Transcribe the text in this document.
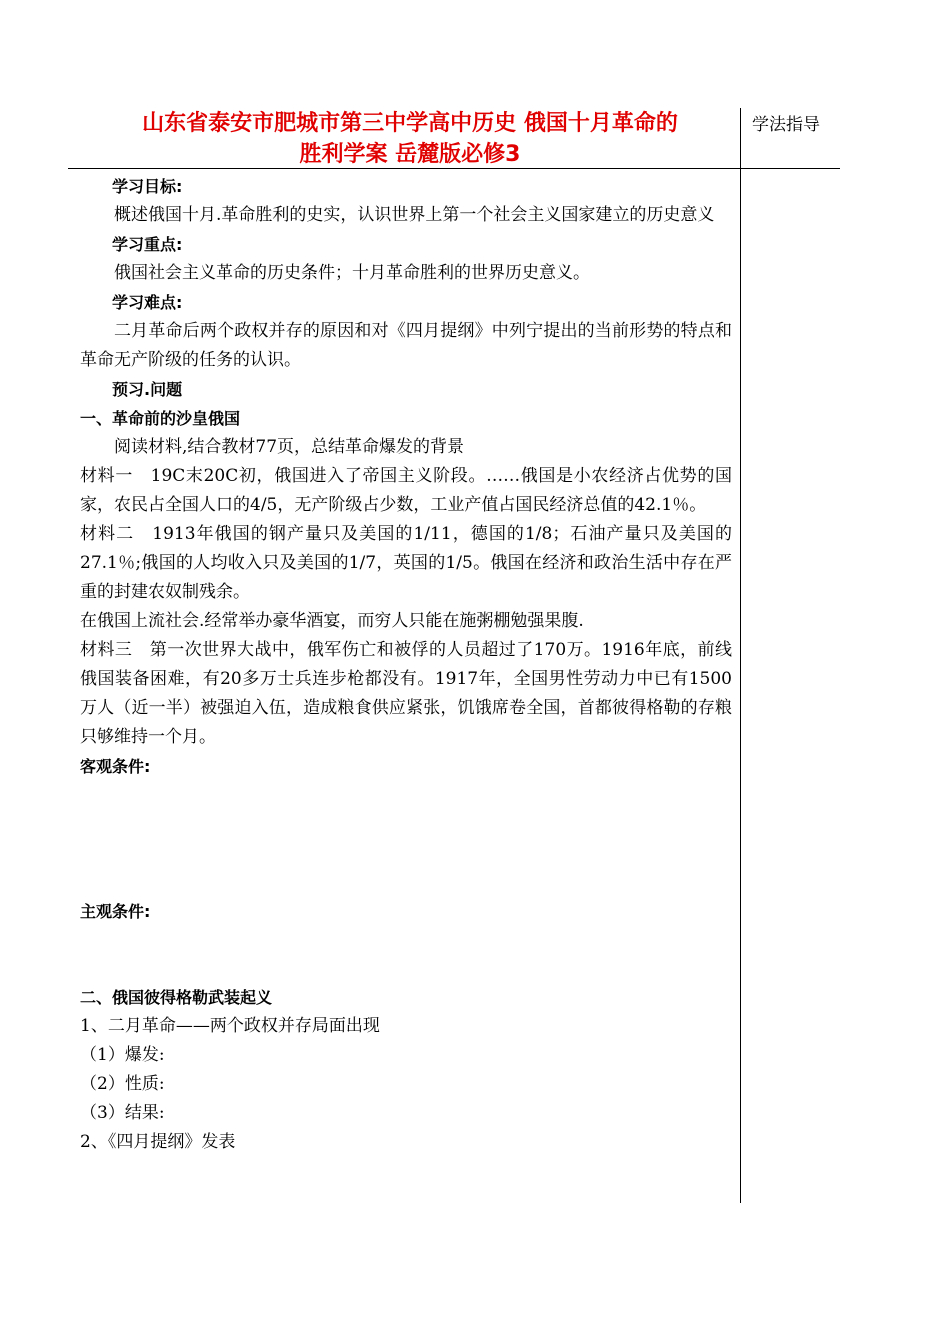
山东省泰安市肥城市第三中学高中历史 俄国十月革命的
胜利学案 岳麓版必修3
学法指导

学习目标:

概述俄国十月.革命胜利的史实，认识世界上第一个社会主义国家建立的历史意义

学习重点:

俄国社会主义革命的历史条件；十月革命胜利的世界历史意义。

学习难点:

二月革命后两个政权并存的原因和对《四月提纲》中列宁提出的当前形势的特点和革命无产阶级的任务的认识。

预习.问题

一、革命前的沙皇俄国

阅读材料,结合教材77页，总结革命爆发的背景

材料一　19C末20C初，俄国进入了帝国主义阶段。……俄国是小农经济占优势的国家，农民占全国人口的4/5，无产阶级占少数，工业产值占国民经济总值的42.1％。

材料二　1913年俄国的钢产量只及美国的1/11，德国的1/8；石油产量只及美国的27.1％;俄国的人均收入只及美国的1/7，英国的1/5。俄国在经济和政治生活中存在严重的封建农奴制残余。

在俄国上流社会.经常举办豪华酒宴，而穷人只能在施粥棚勉强果腹.

材料三　第一次世界大战中，俄军伤亡和被俘的人员超过了170万。1916年底，前线俄国装备困难，有20多万士兵连步枪都没有。1917年，全国男性劳动力中已有1500万人（近一半）被强迫入伍，造成粮食供应紧张，饥饿席卷全国，首都彼得格勒的存粮只够维持一个月。

客观条件:

主观条件:

二、俄国彼得格勒武装起义

1、二月革命——两个政权并存局面出现

（1）爆发:

（2）性质:

（3）结果:

2、《四月提纲》发表
